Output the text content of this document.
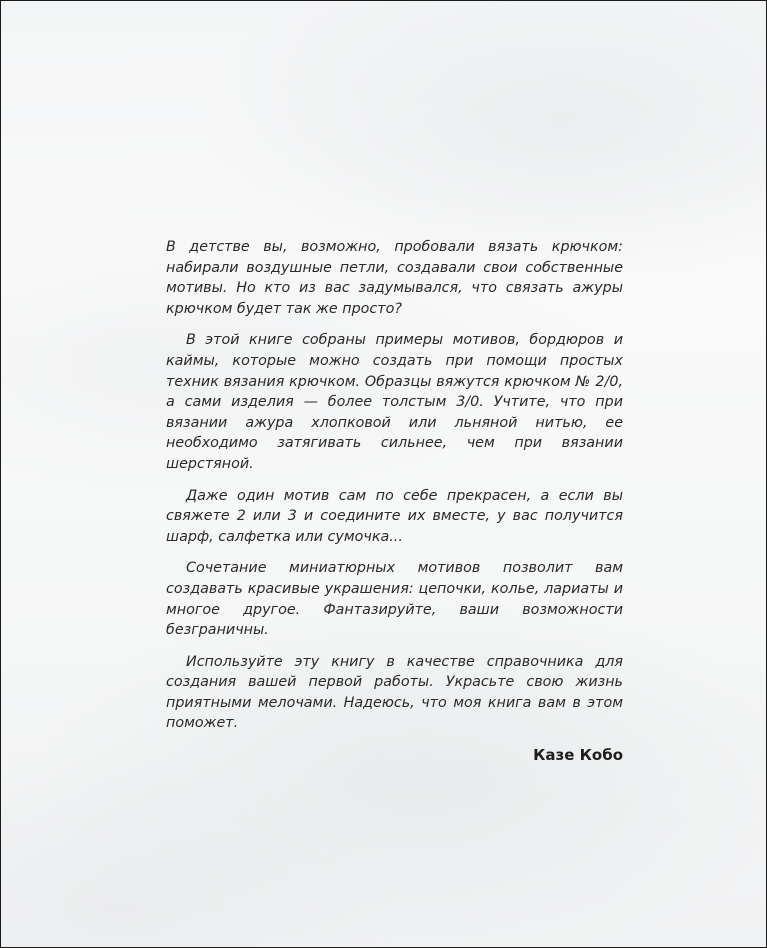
В детстве вы, возможно, пробовали вязать крючком: набирали воздушные петли, создавали свои собственные мотивы. Но кто из вас задумывался, что связать ажуры крючком будет так же просто?

В этой книге собраны примеры мотивов, бордюров и каймы, которые можно создать при помощи простых техник вязания крючком. Образцы вяжутся крючком № 2/0, а сами изделия — более толстым 3/0. Учтите, что при вязании ажура хлопковой или льняной нитью, ее необходимо затягивать сильнее, чем при вязании шерстяной.

Даже один мотив сам по себе прекрасен, а если вы свяжете 2 или 3 и соедините их вместе, у вас получится шарф, салфетка или сумочка...

Сочетание миниатюрных мотивов позволит вам создавать красивые украшения: цепочки, колье, лариаты и многое другое. Фантазируйте, ваши возможности безграничны.

Используйте эту книгу в качестве справочника для создания вашей первой работы. Украсьте свою жизнь приятными мелочами. Надеюсь, что моя книга вам в этом поможет.

Казе Кобо
